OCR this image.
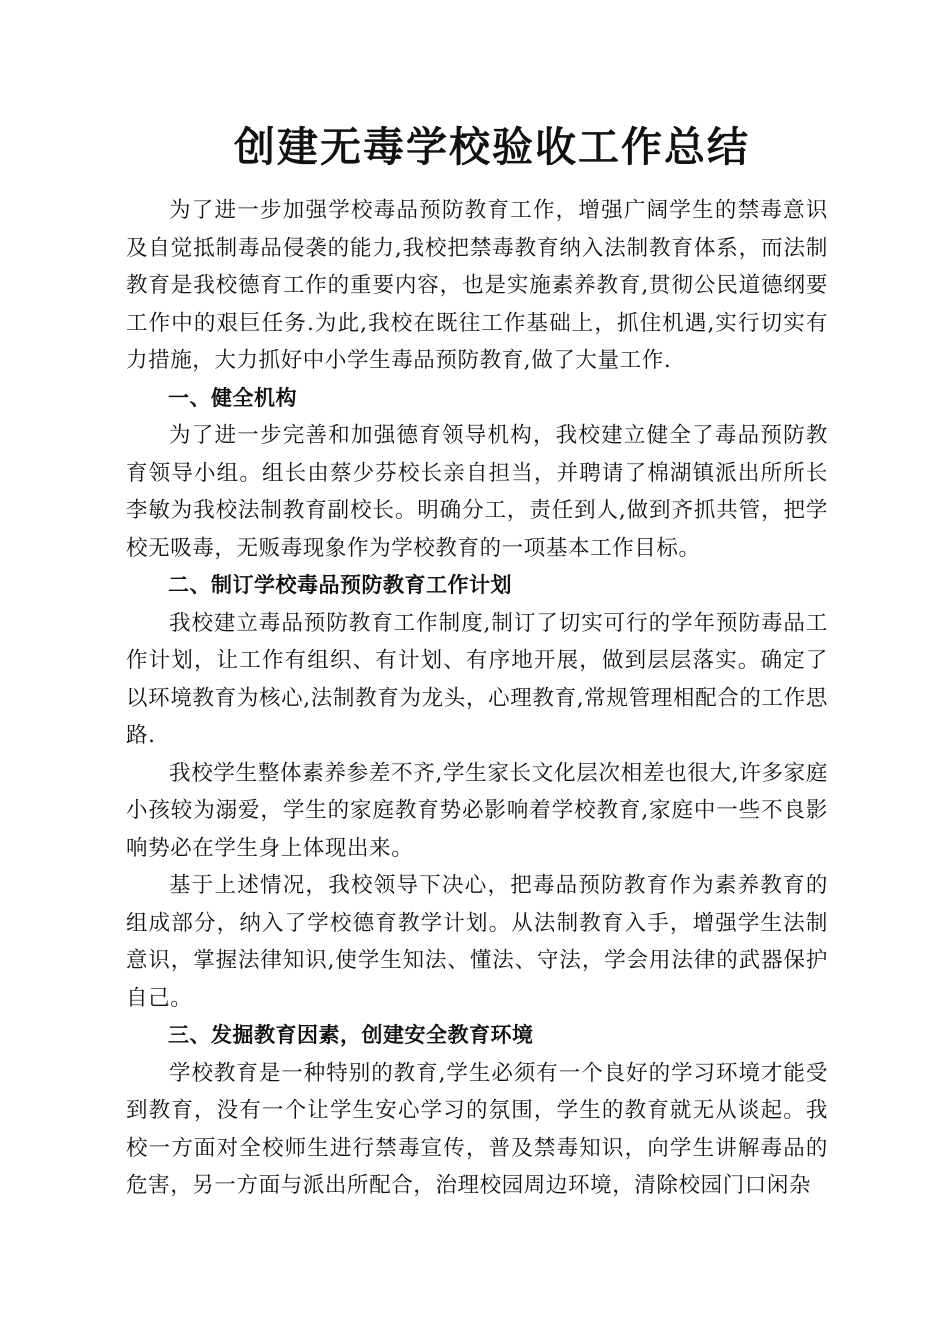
创建无毒学校验收工作总结

为了进一步加强学校毒品预防教育工作，增强广阔学生的禁毒意识及自觉抵制毒品侵袭的能力,我校把禁毒教育纳入法制教育体系，而法制教育是我校德育工作的重要内容，也是实施素养教育,贯彻公民道德纲要工作中的艰巨任务.为此,我校在既往工作基础上，抓住机遇,实行切实有力措施，大力抓好中小学生毒品预防教育,做了大量工作.

一、健全机构

为了进一步完善和加强德育领导机构，我校建立健全了毒品预防教育领导小组。组长由蔡少芬校长亲自担当，并聘请了棉湖镇派出所所长李敏为我校法制教育副校长。明确分工，责任到人,做到齐抓共管，把学校无吸毒，无贩毒现象作为学校教育的一项基本工作目标。

二、制订学校毒品预防教育工作计划

我校建立毒品预防教育工作制度,制订了切实可行的学年预防毒品工作计划，让工作有组织、有计划、有序地开展，做到层层落实。确定了以环境教育为核心,法制教育为龙头，心理教育,常规管理相配合的工作思路.

我校学生整体素养参差不齐,学生家长文化层次相差也很大,许多家庭小孩较为溺爱，学生的家庭教育势必影响着学校教育,家庭中一些不良影响势必在学生身上体现出来。

基于上述情况，我校领导下决心，把毒品预防教育作为素养教育的组成部分，纳入了学校德育教学计划。从法制教育入手，增强学生法制意识，掌握法律知识,使学生知法、懂法、守法，学会用法律的武器保护自己。

三、发掘教育因素，创建安全教育环境

学校教育是一种特别的教育,学生必须有一个良好的学习环境才能受到教育，没有一个让学生安心学习的氛围，学生的教育就无从谈起。我校一方面对全校师生进行禁毒宣传，普及禁毒知识，向学生讲解毒品的危害，另一方面与派出所配合，治理校园周边环境，清除校园门口闲杂
